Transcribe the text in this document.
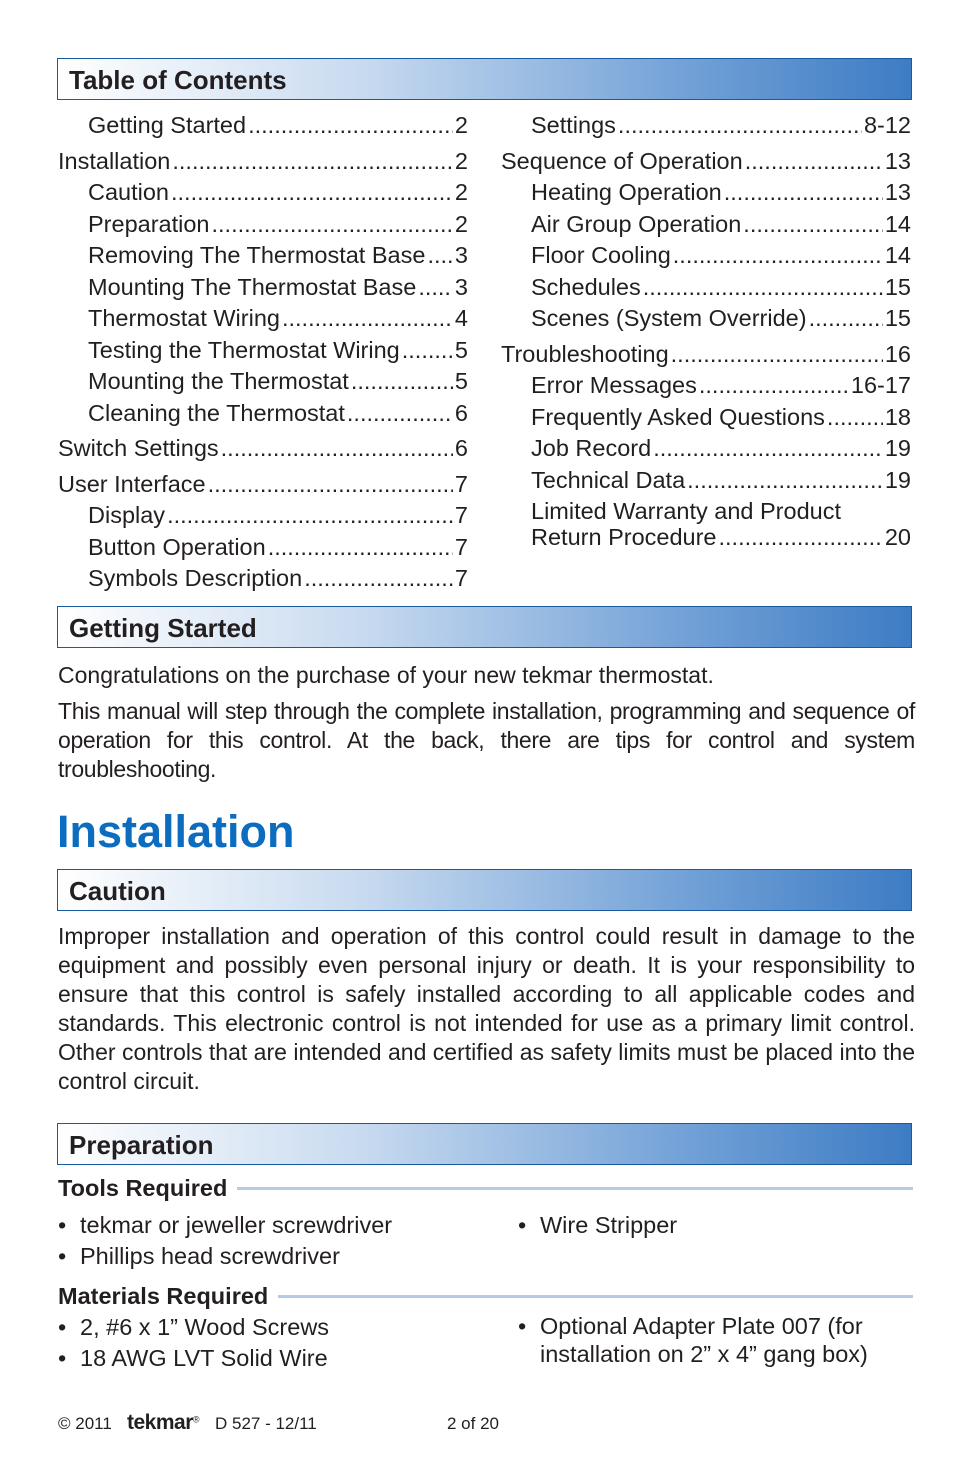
Table of Contents
Getting Started .....	2
Installation .....	2
Caution .....	2
Preparation .....	2
Removing The Thermostat Base ..... 3
Mounting The Thermostat Base ..... 3
Thermostat Wiring .....	4
Testing the Thermostat Wiring ..... 5
Mounting the Thermostat .....	5
Cleaning the Thermostat .....	6
Switch Settings .....	6
User Interface .....	7
Display .....	7
Button Operation .....	7
Symbols Description .....	7
Settings .....	8-12
Sequence of Operation .....	13
Heating Operation .....	13
Air Group Operation .....	14
Floor Cooling .....	14
Schedules .....	15
Scenes (System Override) .....	15
Troubleshooting .....	16
Error Messages .....	16-17
Frequently Asked Questions .....	18
Job Record .....	19
Technical Data .....	19
Limited Warranty and Product
Return Procedure .....	20
Getting Started
Congratulations on the purchase of your new tekmar thermostat.
This manual will step through the complete installation, programming and sequence of operation for this control. At the back, there are tips for control and system troubleshooting.
Installation
Caution
Improper installation and operation of this control could result in damage to the equipment and possibly even personal injury or death. It is your responsibility to ensure that this control is safely installed according to all applicable codes and standards. This electronic control is not intended for use as a primary limit control. Other controls that are intended and certified as safety limits must be placed into the control circuit.
Preparation
Tools Required
• tekmar or jeweller screwdriver
• Phillips head screwdriver
• Wire Stripper
Materials Required
• 2, #6 x 1” Wood Screws
• 18 AWG LVT Solid Wire
• Optional Adapter Plate 007 (for installation on 2” x 4” gang box)
© 2011 tekmar® D 527 - 12/11	2 of 20
